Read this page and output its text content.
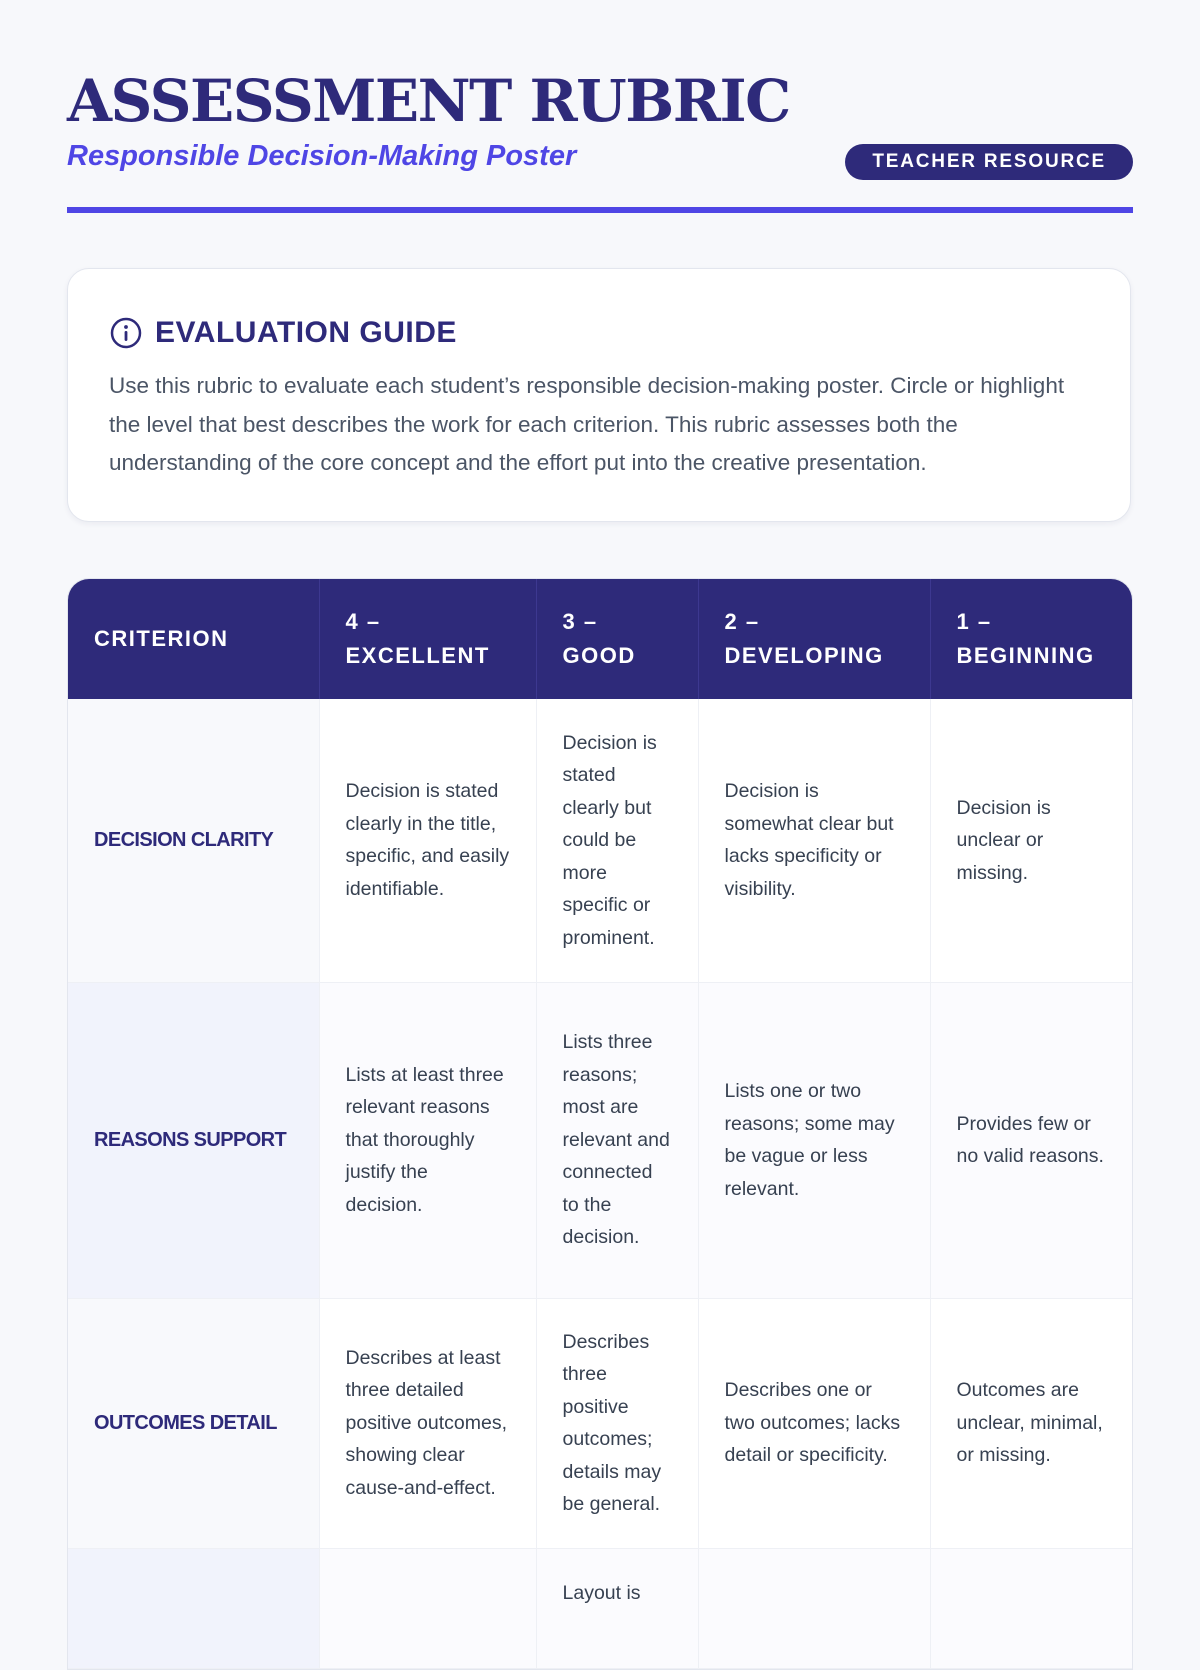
ASSESSMENT RUBRIC
Responsible Decision-Making Poster	TEACHER RESOURCE
EVALUATION GUIDE

Use this rubric to evaluate each student’s responsible decision-making poster. Circle or highlight the level that best describes the work for each criterion. This rubric assesses both the understanding of the core concept and the effort put into the creative presentation.

CRITERION	4 – EXCELLENT	3 – GOOD	2 – DEVELOPING	1 – BEGINNING
DECISION CLARITY	Decision is stated clearly in the title, specific, and easily identifiable.	Decision is stated clearly but could be more specific or prominent.	Decision is somewhat clear but lacks specificity or visibility.	Decision is unclear or missing.
REASONS SUPPORT	Lists at least three relevant reasons that thoroughly justify the decision.	Lists three reasons; most are relevant and connected to the decision.	Lists one or two reasons; some may be vague or less relevant.	Provides few or no valid reasons.
OUTCOMES DETAIL	Describes at least three detailed positive outcomes, showing clear cause-and-effect.	Describes three positive outcomes; details may be general.	Describes one or two outcomes; lacks detail or specificity.	Outcomes are unclear, minimal, or missing.
		Layout is		
